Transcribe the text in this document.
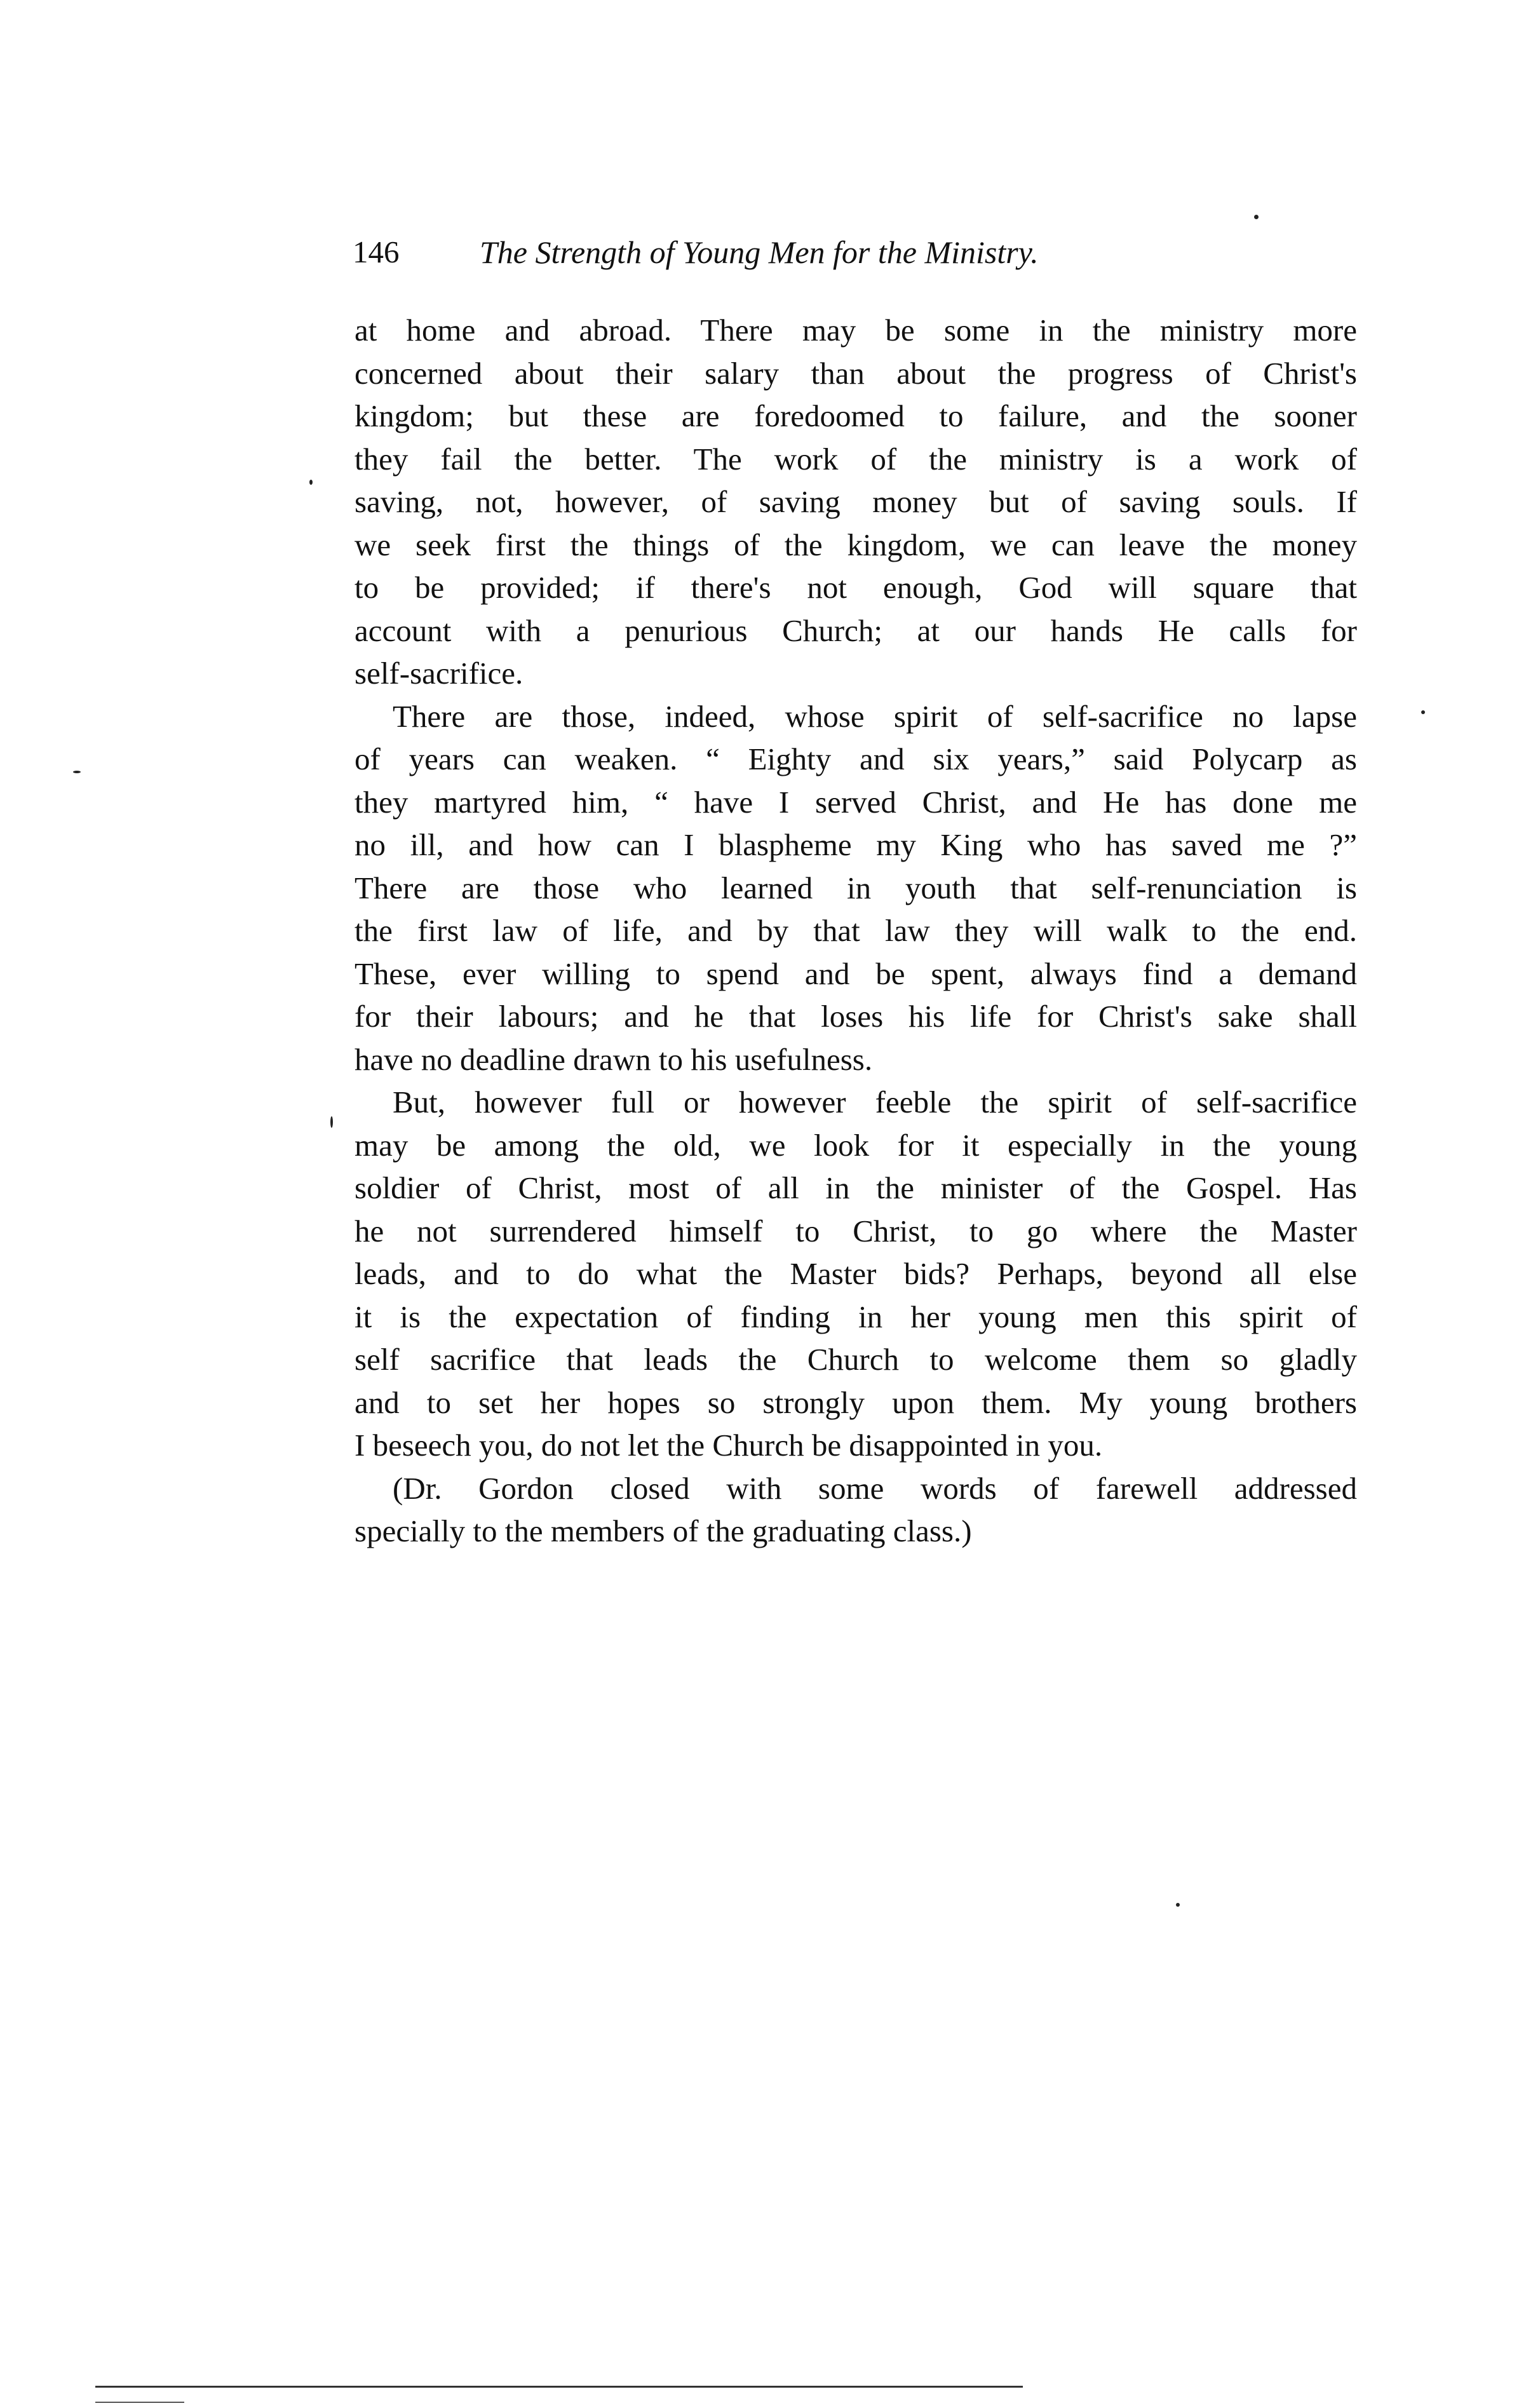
146	The Strength of Young Men for the Ministry.
at home and abroad. There may be some in the ministry more
concerned about their salary than about the progress of Christ's
kingdom; but these are foredoomed to failure, and the sooner
they fail the better. The work of the ministry is a work of
saving, not, however, of saving money but of saving souls. If
we seek first the things of the kingdom, we can leave the money
to be provided; if there's not enough, God will square that
account with a penurious Church; at our hands He calls for
self-sacrifice.
There are those, indeed, whose spirit of self-sacrifice no lapse
of years can weaken. “ Eighty and six years,” said Polycarp as
they martyred him, “ have I served Christ, and He has done me
no ill, and how can I blaspheme my King who has saved me ?”
There are those who learned in youth that self-renunciation is
the first law of life, and by that law they will walk to the end.
These, ever willing to spend and be spent, always find a demand
for their labours; and he that loses his life for Christ's sake shall
have no deadline drawn to his usefulness.
But, however full or however feeble the spirit of self-sacrifice
may be among the old, we look for it especially in the young
soldier of Christ, most of all in the minister of the Gospel. Has
he not surrendered himself to Christ, to go where the Master
leads, and to do what the Master bids? Perhaps, beyond all else
it is the expectation of finding in her young men this spirit of
self sacrifice that leads the Church to welcome them so gladly
and to set her hopes so strongly upon them. My young brothers
I beseech you, do not let the Church be disappointed in you.
(Dr. Gordon closed with some words of farewell addressed
specially to the members of the graduating class.)
